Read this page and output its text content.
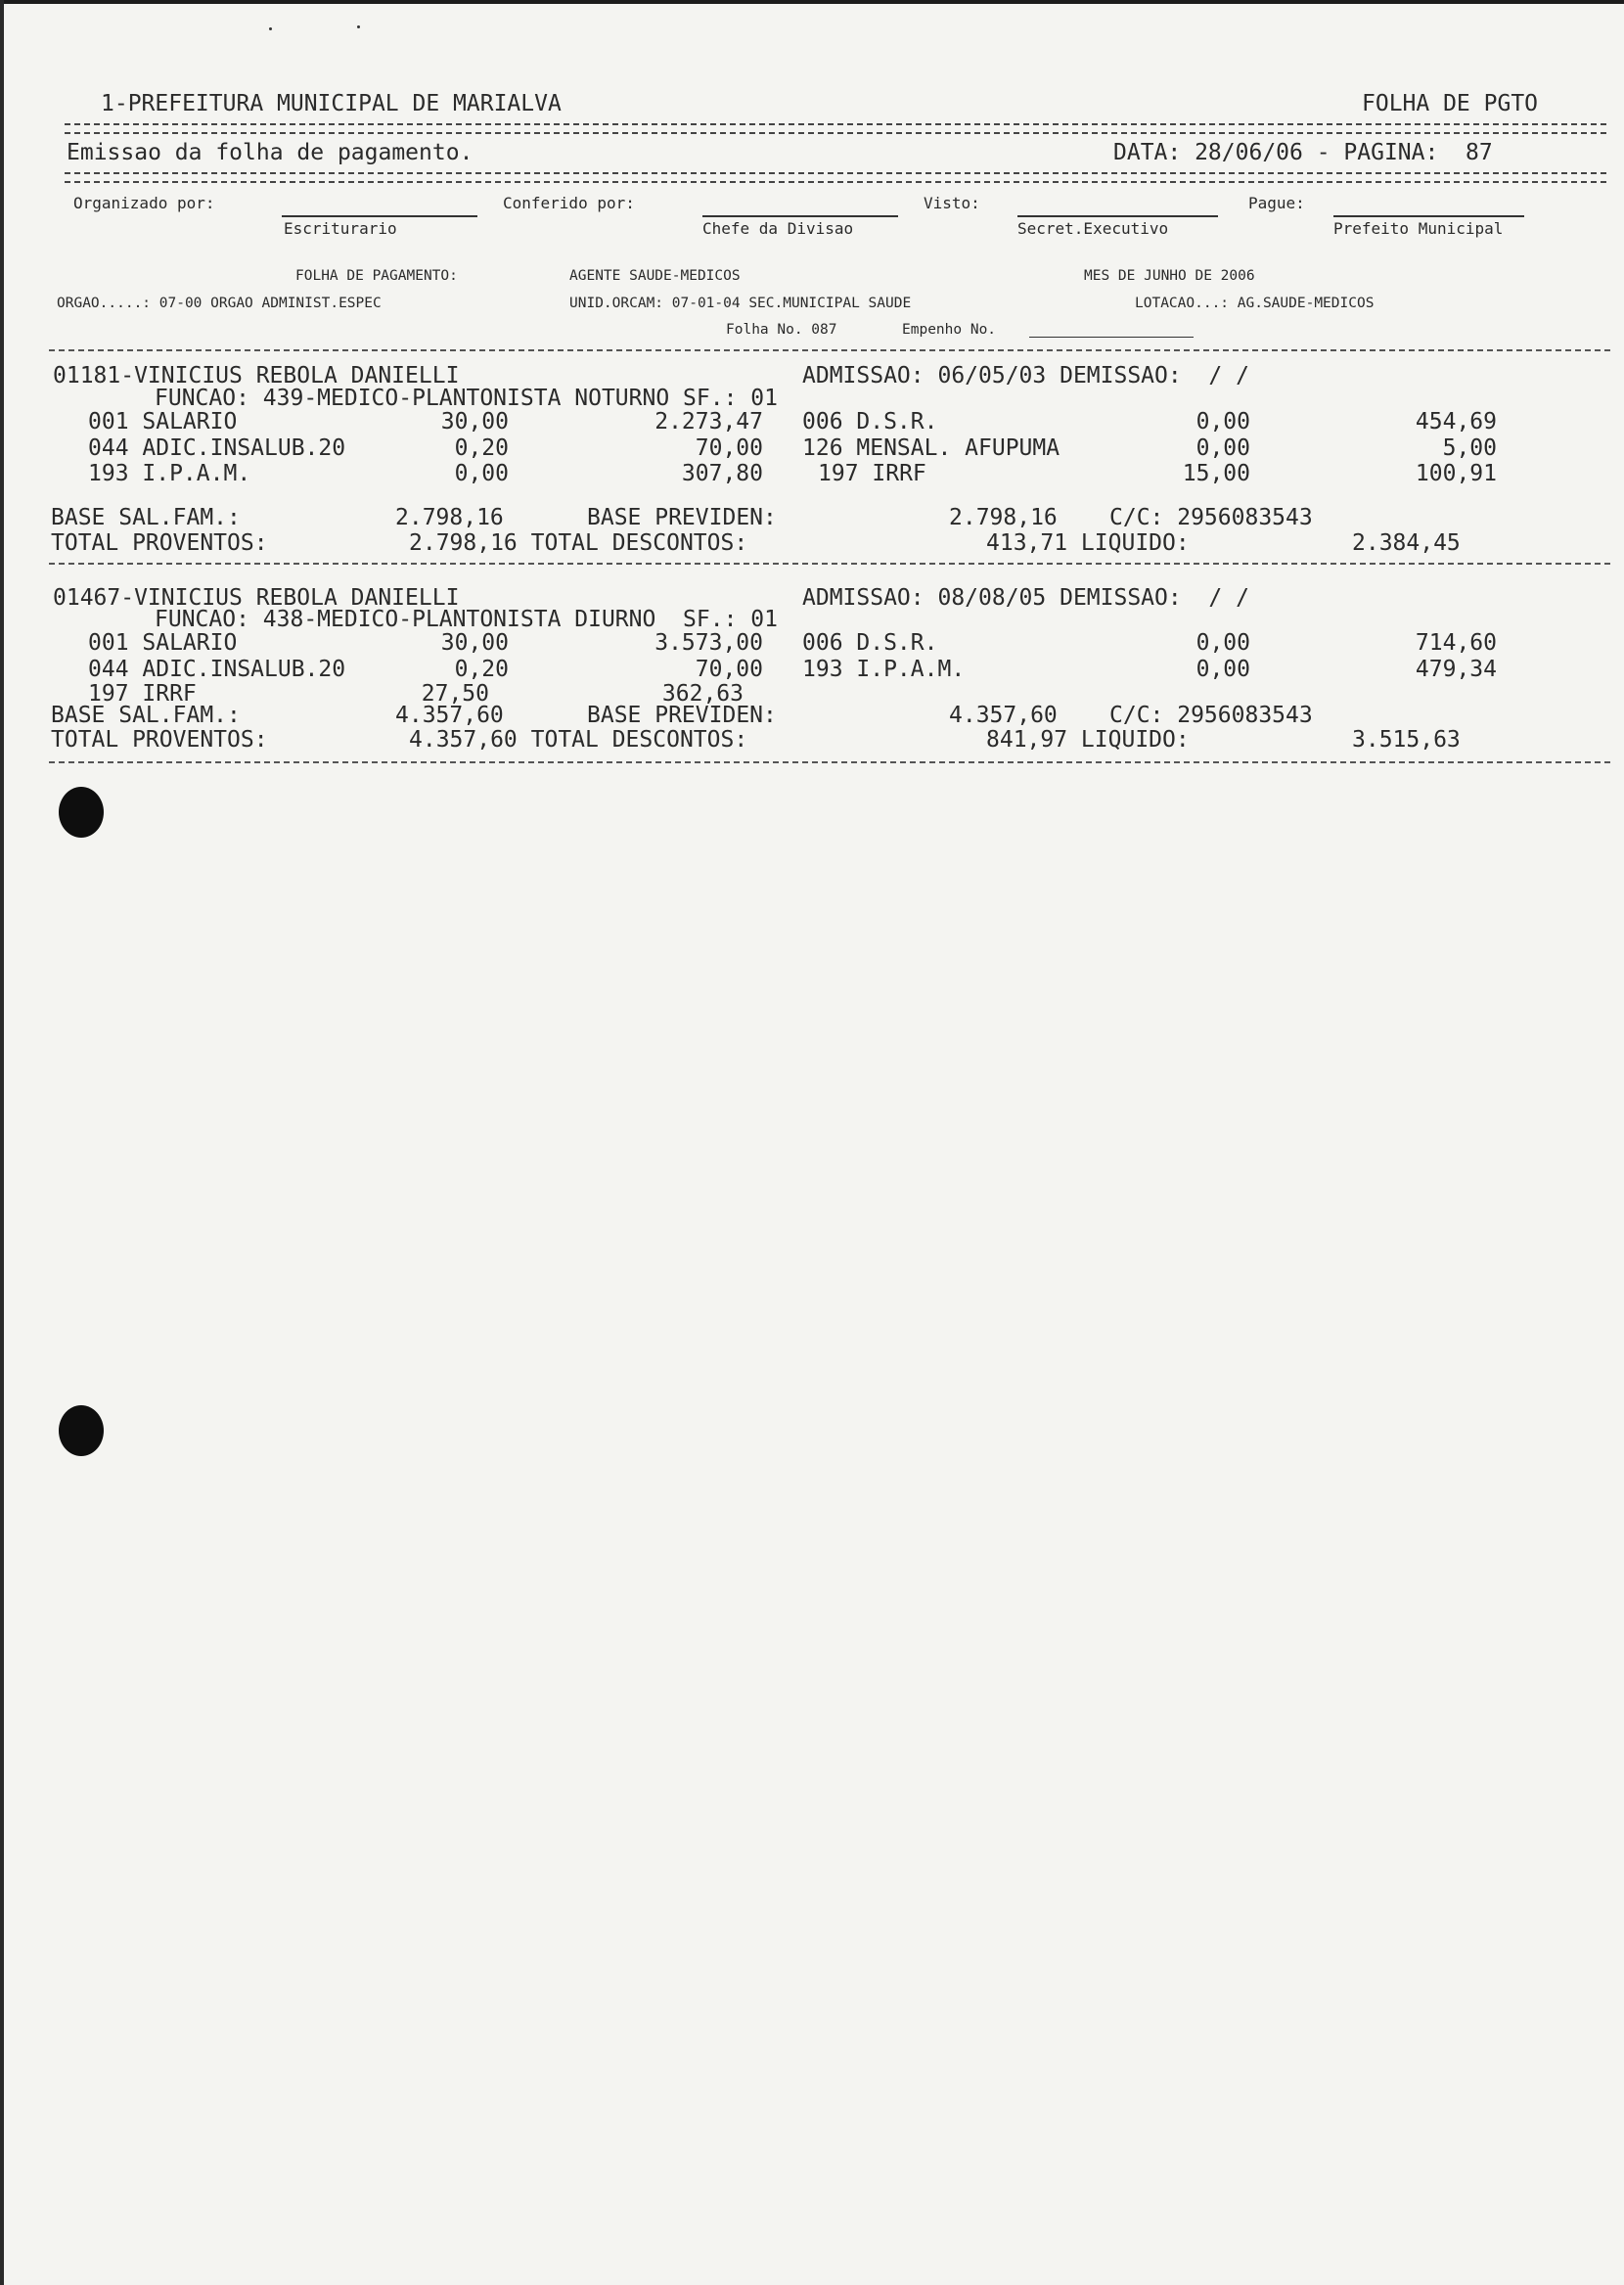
1-PREFEITURA MUNICIPAL DE MARIALVA	FOLHA DE PGTO
Emissao da folha de pagamento.	DATA: 28/06/06 - PAGINA:  87
Organizado por:
Escriturario
Conferido por:
Chefe da Divisao
Visto:
Secret.Executivo
Pague:
Prefeito Municipal
FOLHA DE PAGAMENTO:	AGENTE SAUDE-MEDICOS	MES DE JUNHO DE 2006
ORGAO.....: 07-00 ORGAO ADMINIST.ESPEC	UNID.ORCAM: 07-01-04 SEC.MUNICIPAL SAUDE	LOTACAO...: AG.SAUDE-MEDICOS
Folha No. 087	Empenho No.
01181-VINICIUS REBOLA DANIELLI	ADMISSAO: 06/05/03 DEMISSAO:  / /
FUNCAO: 439-MEDICO-PLANTONISTA NOTURNO SF.: 01
001 SALARIO	30,00	2.273,47 006 D.S.R.	0,00	454,69
044 ADIC.INSALUB.20	0,20	70,00 126 MENSAL. AFUPUMA	0,00	5,00
193 I.P.A.M.	0,00	307,80 197 IRRF	15,00	100,91
BASE SAL.FAM.:	2.798,16	BASE PREVIDEN:	2.798,16 C/C: 2956083543
TOTAL PROVENTOS:	2.798,16 TOTAL DESCONTOS:	413,71 LIQUIDO:	2.384,45
01467-VINICIUS REBOLA DANIELLI	ADMISSAO: 08/08/05 DEMISSAO:  / /
FUNCAO: 438-MEDICO-PLANTONISTA DIURNO  SF.: 01
001 SALARIO	30,00	3.573,00 006 D.S.R.	0,00	714,60
044 ADIC.INSALUB.20	0,20	70,00 193 I.P.A.M.	0,00	479,34
197 IRRF	27,50	362,63
BASE SAL.FAM.:	4.357,60	BASE PREVIDEN:	4.357,60 C/C: 2956083543
TOTAL PROVENTOS:	4.357,60 TOTAL DESCONTOS:	841,97 LIQUIDO:	3.515,63
